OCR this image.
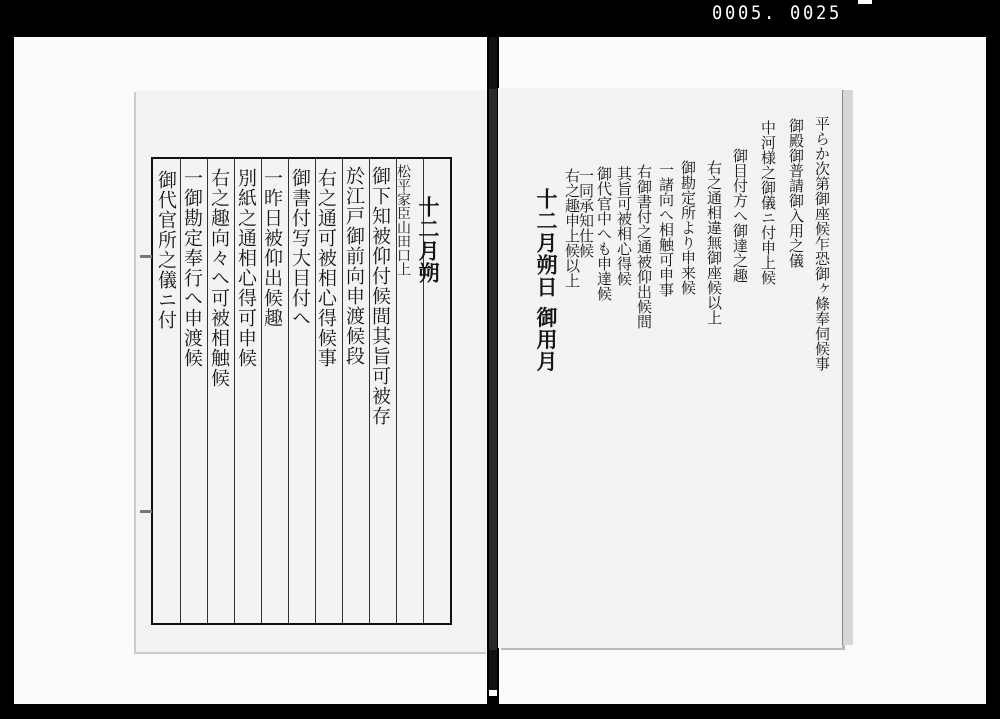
0005. 0025
十二月朔
松平家臣山田口上
御下知被仰付候間其旨可被存
於江戸御前向申渡候段
右之通可被相心得候事
御書付写大目付へ
一昨日被仰出候趣
別紙之通相心得可申候
右之趣向々へ可被相触候
一御勘定奉行へ申渡候
御代官所之儀ニ付	平らか次第御座候乍恐御ヶ條奉伺候事
御殿御普請御入用之儀
中河様之御儀ニ付申上候
御目付方へ御達之趣
右之通相違無御座候以上
御勘定所より申来候
一諸向へ相触可申事
右御書付之通被仰出候間
其旨可被相心得候
御代官中へも申達候
一同承知仕候
右之趣申上候以上
十二月朔日 御用月
